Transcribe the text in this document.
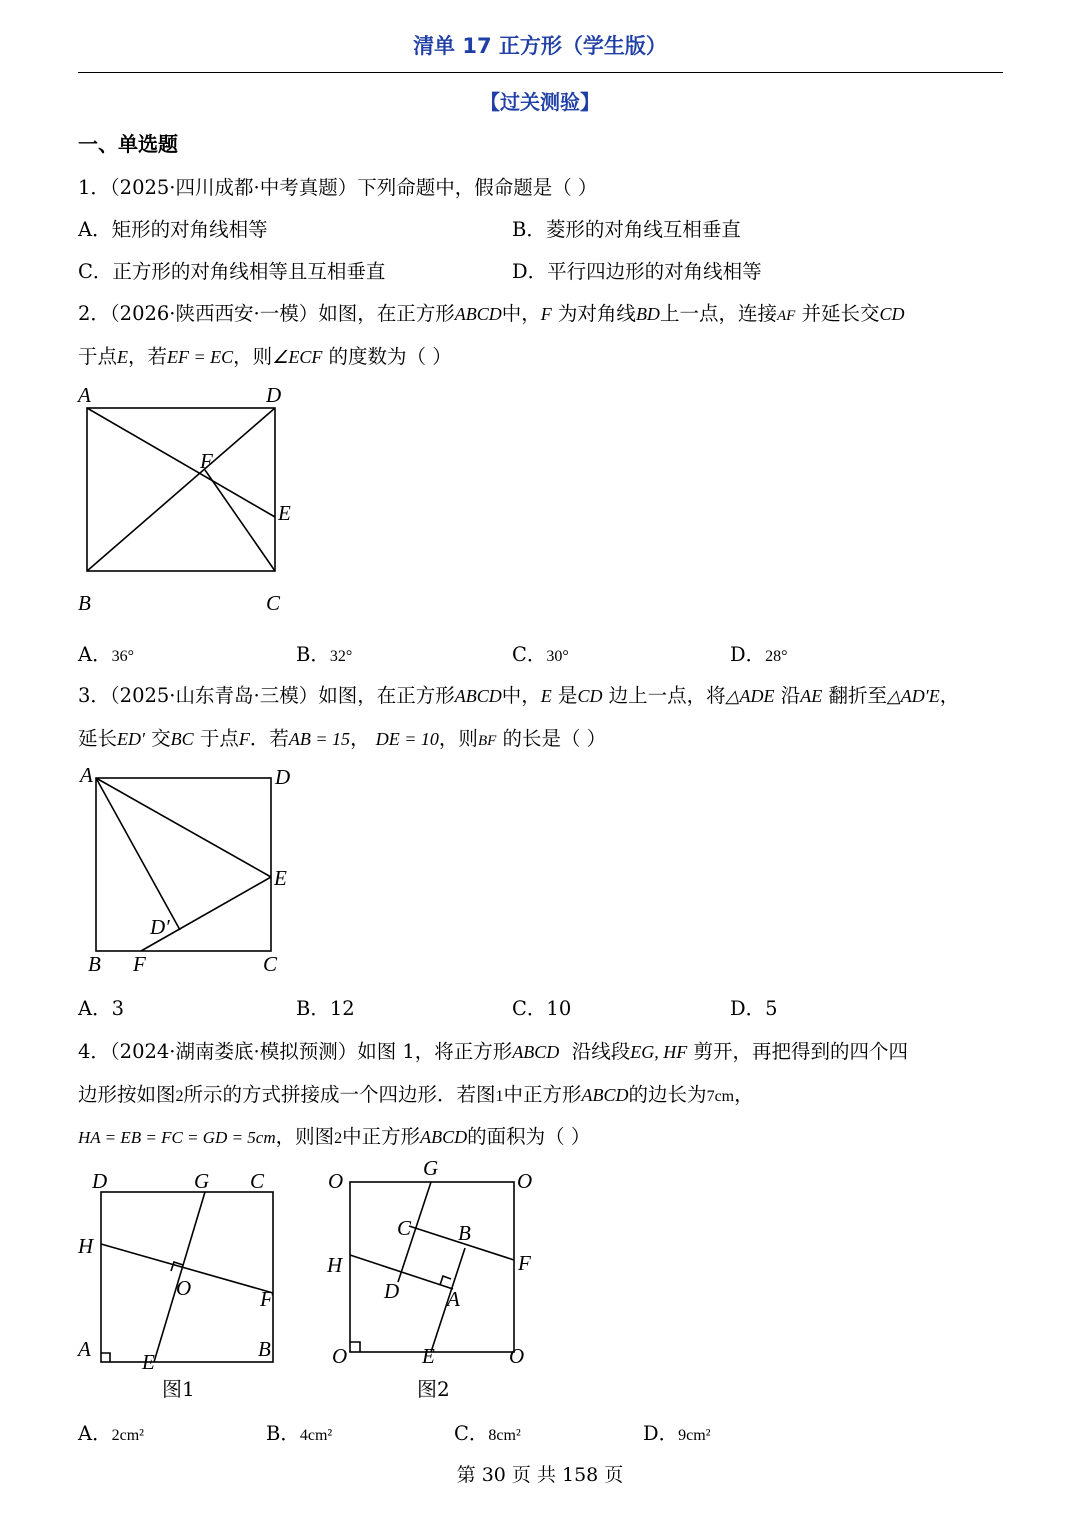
清单 17 正方形（学生版）
【过关测验】
一、单选题
1．（2025·四川成都·中考真题）下列命题中，假命题是（ ）
A．矩形的对角线相等	B．菱形的对角线互相垂直
C．正方形的对角线相等且互相垂直	D．平行四边形的对角线相等
2．（2026·陕西西安·一模）如图，在正方形ABCD中，F 为对角线BD上一点，连接AF 并延长交CD
于点E，若EF = EC，则∠ECF 的度数为（ ）
A	D
F
E
B	C
A．36°	B．32°	C．30°	D．28°
3．（2025·山东青岛·三模）如图，在正方形ABCD中，E 是CD 边上一点，将△ADE 沿AE 翻折至△AD′E，
延长ED′ 交BC 于点F．若AB = 15， DE = 10，则BF 的长是（ ）
A	D
E
D′
B F	C
A．3	B．12	C．10	D．5
4．（2024·湖南娄底·模拟预测）如图 1，将正方形ABCD 沿线段EG, HF 剪开，再把得到的四个四
边形按如图2所示的方式拼接成一个四边形．若图1中正方形ABCD的边长为7cm，
HA = EB = FC = GD = 5cm，则图2中正方形ABCD的面积为（ ）
D	G C
H
O	F
A
E
B
图1
O
G
O
C B
H	F
D A
O	E	O
图2
A．2cm²	B．4cm²	C．8cm²	D．9cm²
第 30 页 共 158 页
